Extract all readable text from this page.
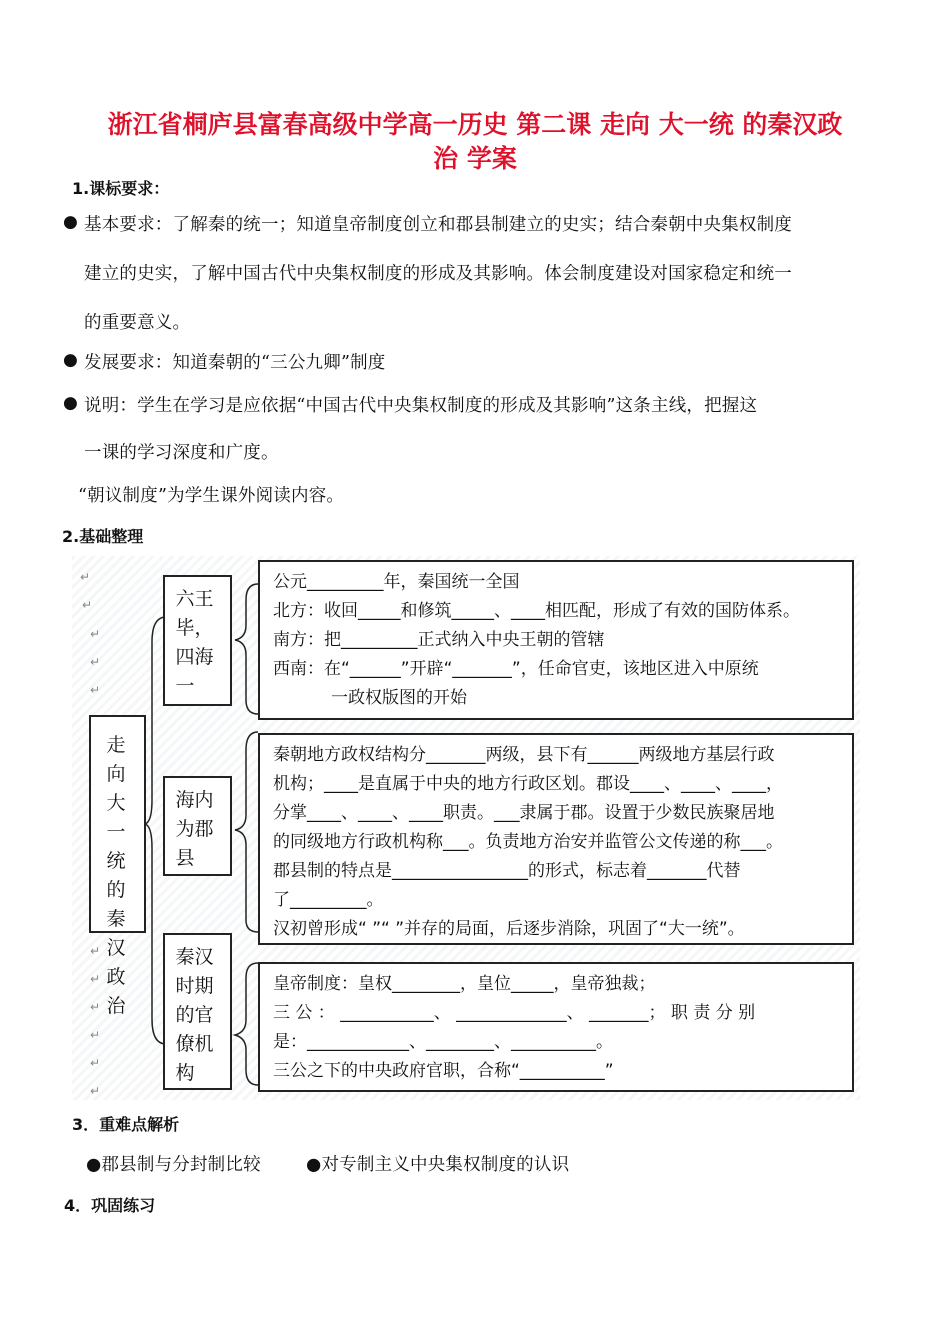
浙江省桐庐县富春高级中学高一历史 第二课 走向 大一统 的秦汉政
治 学案
1.课标要求：
● 基本要求：了解秦的统一；知道皇帝制度创立和郡县制建立的史实；结合秦朝中央集权制度
建立的史实，了解中国古代中央集权制度的形成及其影响。体会制度建设对国家稳定和统一
的重要意义。
● 发展要求：知道秦朝的“三公九卿”制度
● 说明：学生在学习是应依据“中国古代中央集权制度的形成及其影响”这条主线，把握这
一课的学习深度和广度。
“朝议制度”为学生课外阅读内容。
2.基础整理
↵
↵
↵
↵
↵
↵
↵
↵
↵
↵
↵
走向大一统的秦汉政治
六王毕，四海一
海内为郡县
秦汉时期的官僚机构
公元_________年，秦国统一全国
北方：收回_____和修筑_____、____相匹配，形成了有效的国防体系。
南方：把_________正式纳入中央王朝的管辖
西南：在“______”开辟“_______”，任命官吏，该地区进入中原统
一政权版图的开始
秦朝地方政权结构分_______两级，县下有______两级地方基层行政
机构；____是直属于中央的地方行政区划。郡设____、____、____，
分掌____、____、____职责。___隶属于郡。设置于少数民族聚居地
的同级地方行政机构称___。负责地方治安并监管公文传递的称___。
郡县制的特点是________________的形式，标志着_______代替
了_________。
汉初曾形成“ ”“ ”并存的局面，后逐步消除，巩固了“大一统”。
皇帝制度：皇权________，皇位_____，皇帝独裁；
三 公 ： ___________、 _____________、 _______； 职 责 分 别
是：____________、________、__________。
三公之下的中央政府官职，合称“__________”
3．重难点解析
●郡县制与分封制比较	●对专制主义中央集权制度的认识
4．巩固练习
